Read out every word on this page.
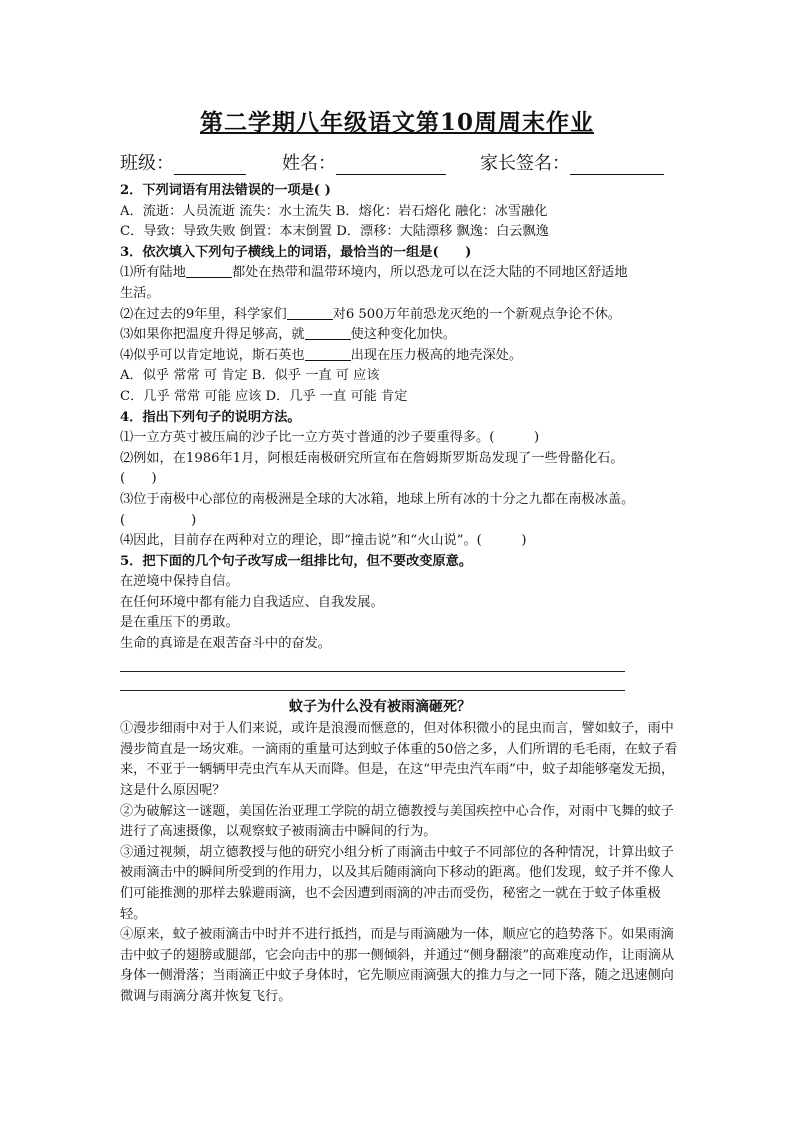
第二学期八年级语文第10周周末作业
班级：	姓名：	家长签名：
2．下列词语有用法错误的一项是( )
A．流逝：人员流逝 流失：水土流失 B．熔化：岩石熔化 融化：冰雪融化
C．导致：导致失败 倒置：本末倒置 D．漂移：大陆漂移 飘逸：白云飘逸
3．依次填入下列句子横线上的词语，最恰当的一组是(　　)
⑴所有陆地	都处在热带和温带环境内，所以恐龙可以在泛大陆的不同地区舒适地
生活。
⑵在过去的9年里，科学家们	对6 500万年前恐龙灭绝的一个新观点争论不休。
⑶如果你把温度升得足够高，就	使这种变化加快。
⑷似乎可以肯定地说，斯石英也	出现在压力极高的地壳深处。
A．似乎 常常 可 肯定 B．似乎 一直 可 应该
C．几乎 常常 可能 应该 D．几乎 一直 可能 肯定
4．指出下列句子的说明方法。
⑴一立方英寸被压扁的沙子比一立方英寸普通的沙子要重得多。(　　　)
⑵例如，在1986年1月，阿根廷南极研究所宣布在詹姆斯罗斯岛发现了一些骨骼化石。
(　　)
⑶位于南极中心部位的南极洲是全球的大冰箱，地球上所有冰的十分之九都在南极冰盖。
(　　　　　)
⑷因此，目前存在两种对立的理论，即“撞击说”和“火山说”。(　　　)
5．把下面的几个句子改写成一组排比句，但不要改变原意。
在逆境中保持自信。
在任何环境中都有能力自我适应、自我发展。
是在重压下的勇敢。
生命的真谛是在艰苦奋斗中的奋发。
蚊子为什么没有被雨滴砸死？
①漫步细雨中对于人们来说，或许是浪漫而惬意的，但对体积微小的昆虫而言，譬如蚊子，雨中漫步简直是一场灾难。一滴雨的重量可达到蚊子体重的50倍之多，人们所谓的毛毛雨，在蚊子看来，不亚于一辆辆甲壳虫汽车从天而降。但是，在这“甲壳虫汽车雨”中，蚊子却能够毫发无损，这是什么原因呢？
②为破解这一谜题，美国佐治亚理工学院的胡立德教授与美国疾控中心合作，对雨中飞舞的蚊子进行了高速摄像，以观察蚊子被雨滴击中瞬间的行为。
③通过视频，胡立德教授与他的研究小组分析了雨滴击中蚊子不同部位的各种情况，计算出蚊子被雨滴击中的瞬间所受到的作用力，以及其后随雨滴向下移动的距离。他们发现，蚊子并不像人们可能推测的那样去躲避雨滴，也不会因遭到雨滴的冲击而受伤，秘密之一就在于蚊子体重极轻。
④原来，蚊子被雨滴击中时并不进行抵挡，而是与雨滴融为一体，顺应它的趋势落下。如果雨滴击中蚊子的翅膀或腿部，它会向击中的那一侧倾斜，并通过“侧身翻滚”的高难度动作，让雨滴从身体一侧滑落；当雨滴正中蚊子身体时，它先顺应雨滴强大的推力与之一同下落，随之迅速侧向微调与雨滴分离并恢复飞行。
